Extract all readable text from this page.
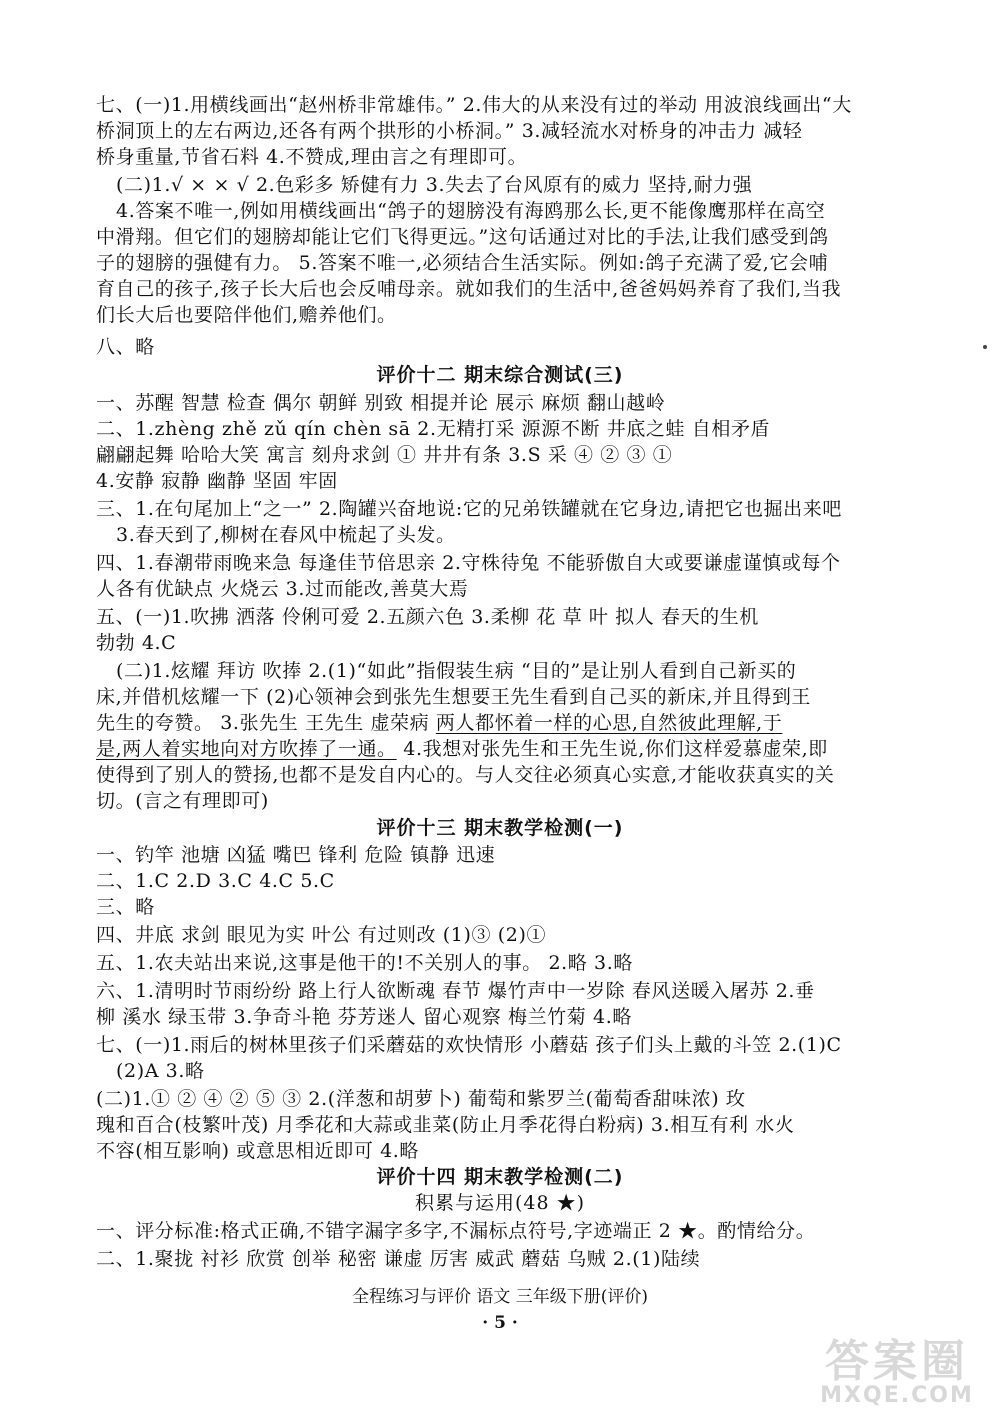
七、(一)1.用横线画出“赵州桥非常雄伟。” 2.伟大的从来没有过的举动 用波浪线画出“大
桥洞顶上的左右两边,还各有两个拱形的小桥洞。” 3.减轻流水对桥身的冲击力 减轻
桥身重量,节省石料 4.不赞成,理由言之有理即可。
(二)1.√ × × √ 2.色彩多 矫健有力 3.失去了台风原有的威力 坚持,耐力强
4.答案不唯一,例如用横线画出“鸽子的翅膀没有海鸥那么长,更不能像鹰那样在高空
中滑翔。但它们的翅膀却能让它们飞得更远。”这句话通过对比的手法,让我们感受到鸽
子的翅膀的强健有力。 5.答案不唯一,必须结合生活实际。例如:鸽子充满了爱,它会哺
育自己的孩子,孩子长大后也会反哺母亲。就如我们的生活中,爸爸妈妈养育了我们,当我
们长大后也要陪伴他们,赡养他们。
八、略
评价十二 期末综合测试(三)
一、苏醒 智慧 检查 偶尔 朝鲜 别致 相提并论 展示 麻烦 翻山越岭
二、1.zhèng zhě zǔ qín chèn sā 2.无精打采 源源不断 井底之蛙 自相矛盾
翩翩起舞 哈哈大笑 寓言 刻舟求剑 ① 井井有条 3.S 采 ④ ② ③ ①
4.安静 寂静 幽静 坚固 牢固
三、1.在句尾加上“之一” 2.陶罐兴奋地说:它的兄弟铁罐就在它身边,请把它也掘出来吧
3.春天到了,柳树在春风中梳起了头发。
四、1.春潮带雨晚来急 每逢佳节倍思亲 2.守株待兔 不能骄傲自大或要谦虚谨慎或每个
人各有优缺点 火烧云 3.过而能改,善莫大焉
五、(一)1.吹拂 洒落 伶俐可爱 2.五颜六色 3.柔柳 花 草 叶 拟人 春天的生机
勃勃 4.C
(二)1.炫耀 拜访 吹捧 2.(1)“如此”指假装生病 “目的”是让别人看到自己新买的
床,并借机炫耀一下 (2)心领神会到张先生想要王先生看到自己买的新床,并且得到王
先生的夸赞。 3.张先生 王先生 虚荣病 两人都怀着一样的心思,自然彼此理解,于
是,两人着实地向对方吹捧了一通。 4.我想对张先生和王先生说,你们这样爱慕虚荣,即
使得到了别人的赞扬,也都不是发自内心的。与人交往必须真心实意,才能收获真实的关
切。(言之有理即可)
评价十三 期末教学检测(一)
一、钓竿 池塘 凶猛 嘴巴 锋利 危险 镇静 迅速
二、1.C 2.D 3.C 4.C 5.C
三、略
四、井底 求剑 眼见为实 叶公 有过则改 (1)③ (2)①
五、1.农夫站出来说,这事是他干的!不关别人的事。 2.略 3.略
六、1.清明时节雨纷纷 路上行人欲断魂 春节 爆竹声中一岁除 春风送暖入屠苏 2.垂
柳 溪水 绿玉带 3.争奇斗艳 芬芳迷人 留心观察 梅兰竹菊 4.略
七、(一)1.雨后的树林里孩子们采蘑菇的欢快情形 小蘑菇 孩子们头上戴的斗笠 2.(1)C
(2)A 3.略
(二)1.① ② ④ ② ⑤ ③ 2.(洋葱和胡萝卜) 葡萄和紫罗兰(葡萄香甜味浓) 玫
瑰和百合(枝繁叶茂) 月季花和大蒜或韭菜(防止月季花得白粉病) 3.相互有利 水火
不容(相互影响) 或意思相近即可 4.略
评价十四 期末教学检测(二)
积累与运用(48 ★)
一、评分标准:格式正确,不错字漏字多字,不漏标点符号,字迹端正 2 ★。酌情给分。
二、1.聚拢 衬衫 欣赏 创举 秘密 谦虚 厉害 威武 蘑菇 乌贼 2.(1)陆续
全程练习与评价 语文 三年级下册(评价)
· 5 ·
答案圈
MXQE.COM
